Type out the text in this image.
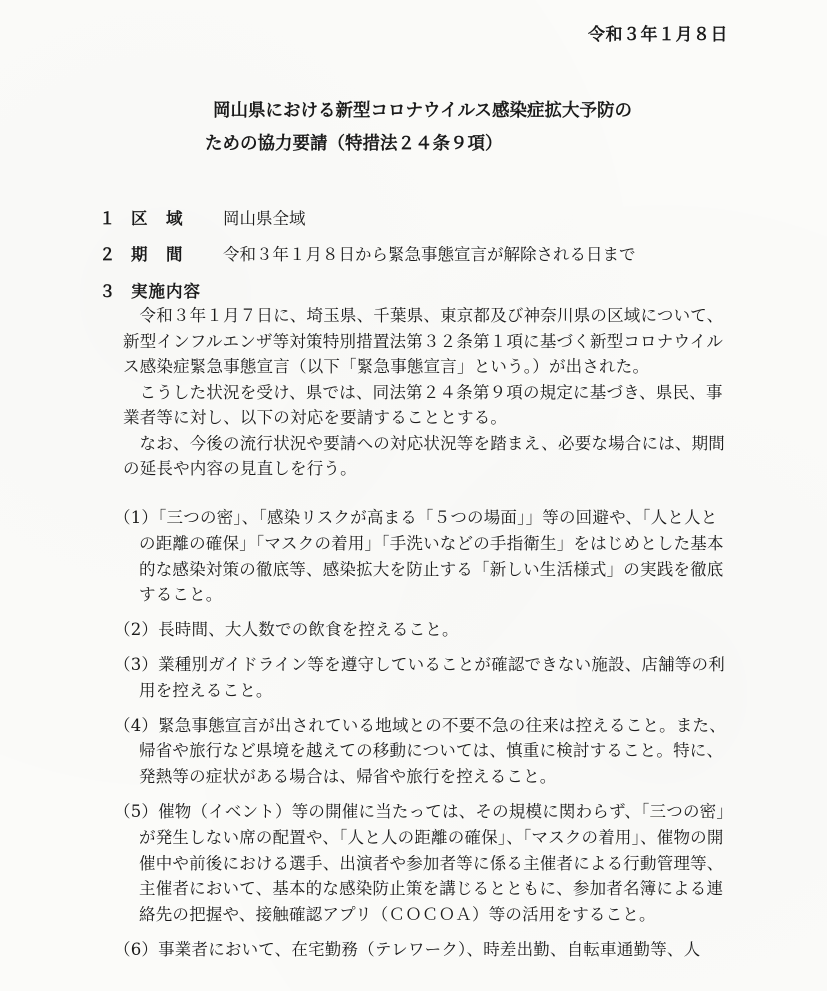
令和３年１月８日
岡山県における新型コロナウイルス感染症拡大予防の
ための協力要請（特措法２４条９項）
１ 区　域 岡山県全域
２ 期　間 令和３年１月８日から緊急事態宣言が解除される日まで
３ 実施内容

令和３年１月７日に、埼玉県、千葉県、東京都及び神奈川県の区域について、新型インフルエンザ等対策特別措置法第３２条第１項に基づく新型コロナウイルス感染症緊急事態宣言（以下「緊急事態宣言」という。）が出された。

こうした状況を受け、県では、同法第２４条第９項の規定に基づき、県民、事業者等に対し、以下の対応を要請することとする。

なお、今後の流行状況や要請への対応状況等を踏まえ、必要な場合には、期間の延長や内容の見直しを行う。

（1）「三つの密」、「感染リスクが高まる「５つの場面」」等の回避や、「人と人との距離の確保」「マスクの着用」「手洗いなどの手指衛生」をはじめとした基本的な感染対策の徹底等、感染拡大を防止する「新しい生活様式」の実践を徹底すること。
（2）長時間、大人数での飲食を控えること。
（3）業種別ガイドライン等を遵守していることが確認できない施設、店舗等の利用を控えること。
（4）緊急事態宣言が出されている地域との不要不急の往来は控えること。また、帰省や旅行など県境を越えての移動については、慎重に検討すること。特に、発熱等の症状がある場合は、帰省や旅行を控えること。
（5）催物（イベント）等の開催に当たっては、その規模に関わらず、「三つの密」が発生しない席の配置や、「人と人の距離の確保」、「マスクの着用」、催物の開催中や前後における選手、出演者や参加者等に係る主催者による行動管理等、主催者において、基本的な感染防止策を講じるとともに、参加者名簿による連絡先の把握や、接触確認アプリ（ＣＯＣＯＡ）等の活用をすること。
（6）事業者において、在宅勤務（テレワーク）、時差出勤、自転車通勤等、人
